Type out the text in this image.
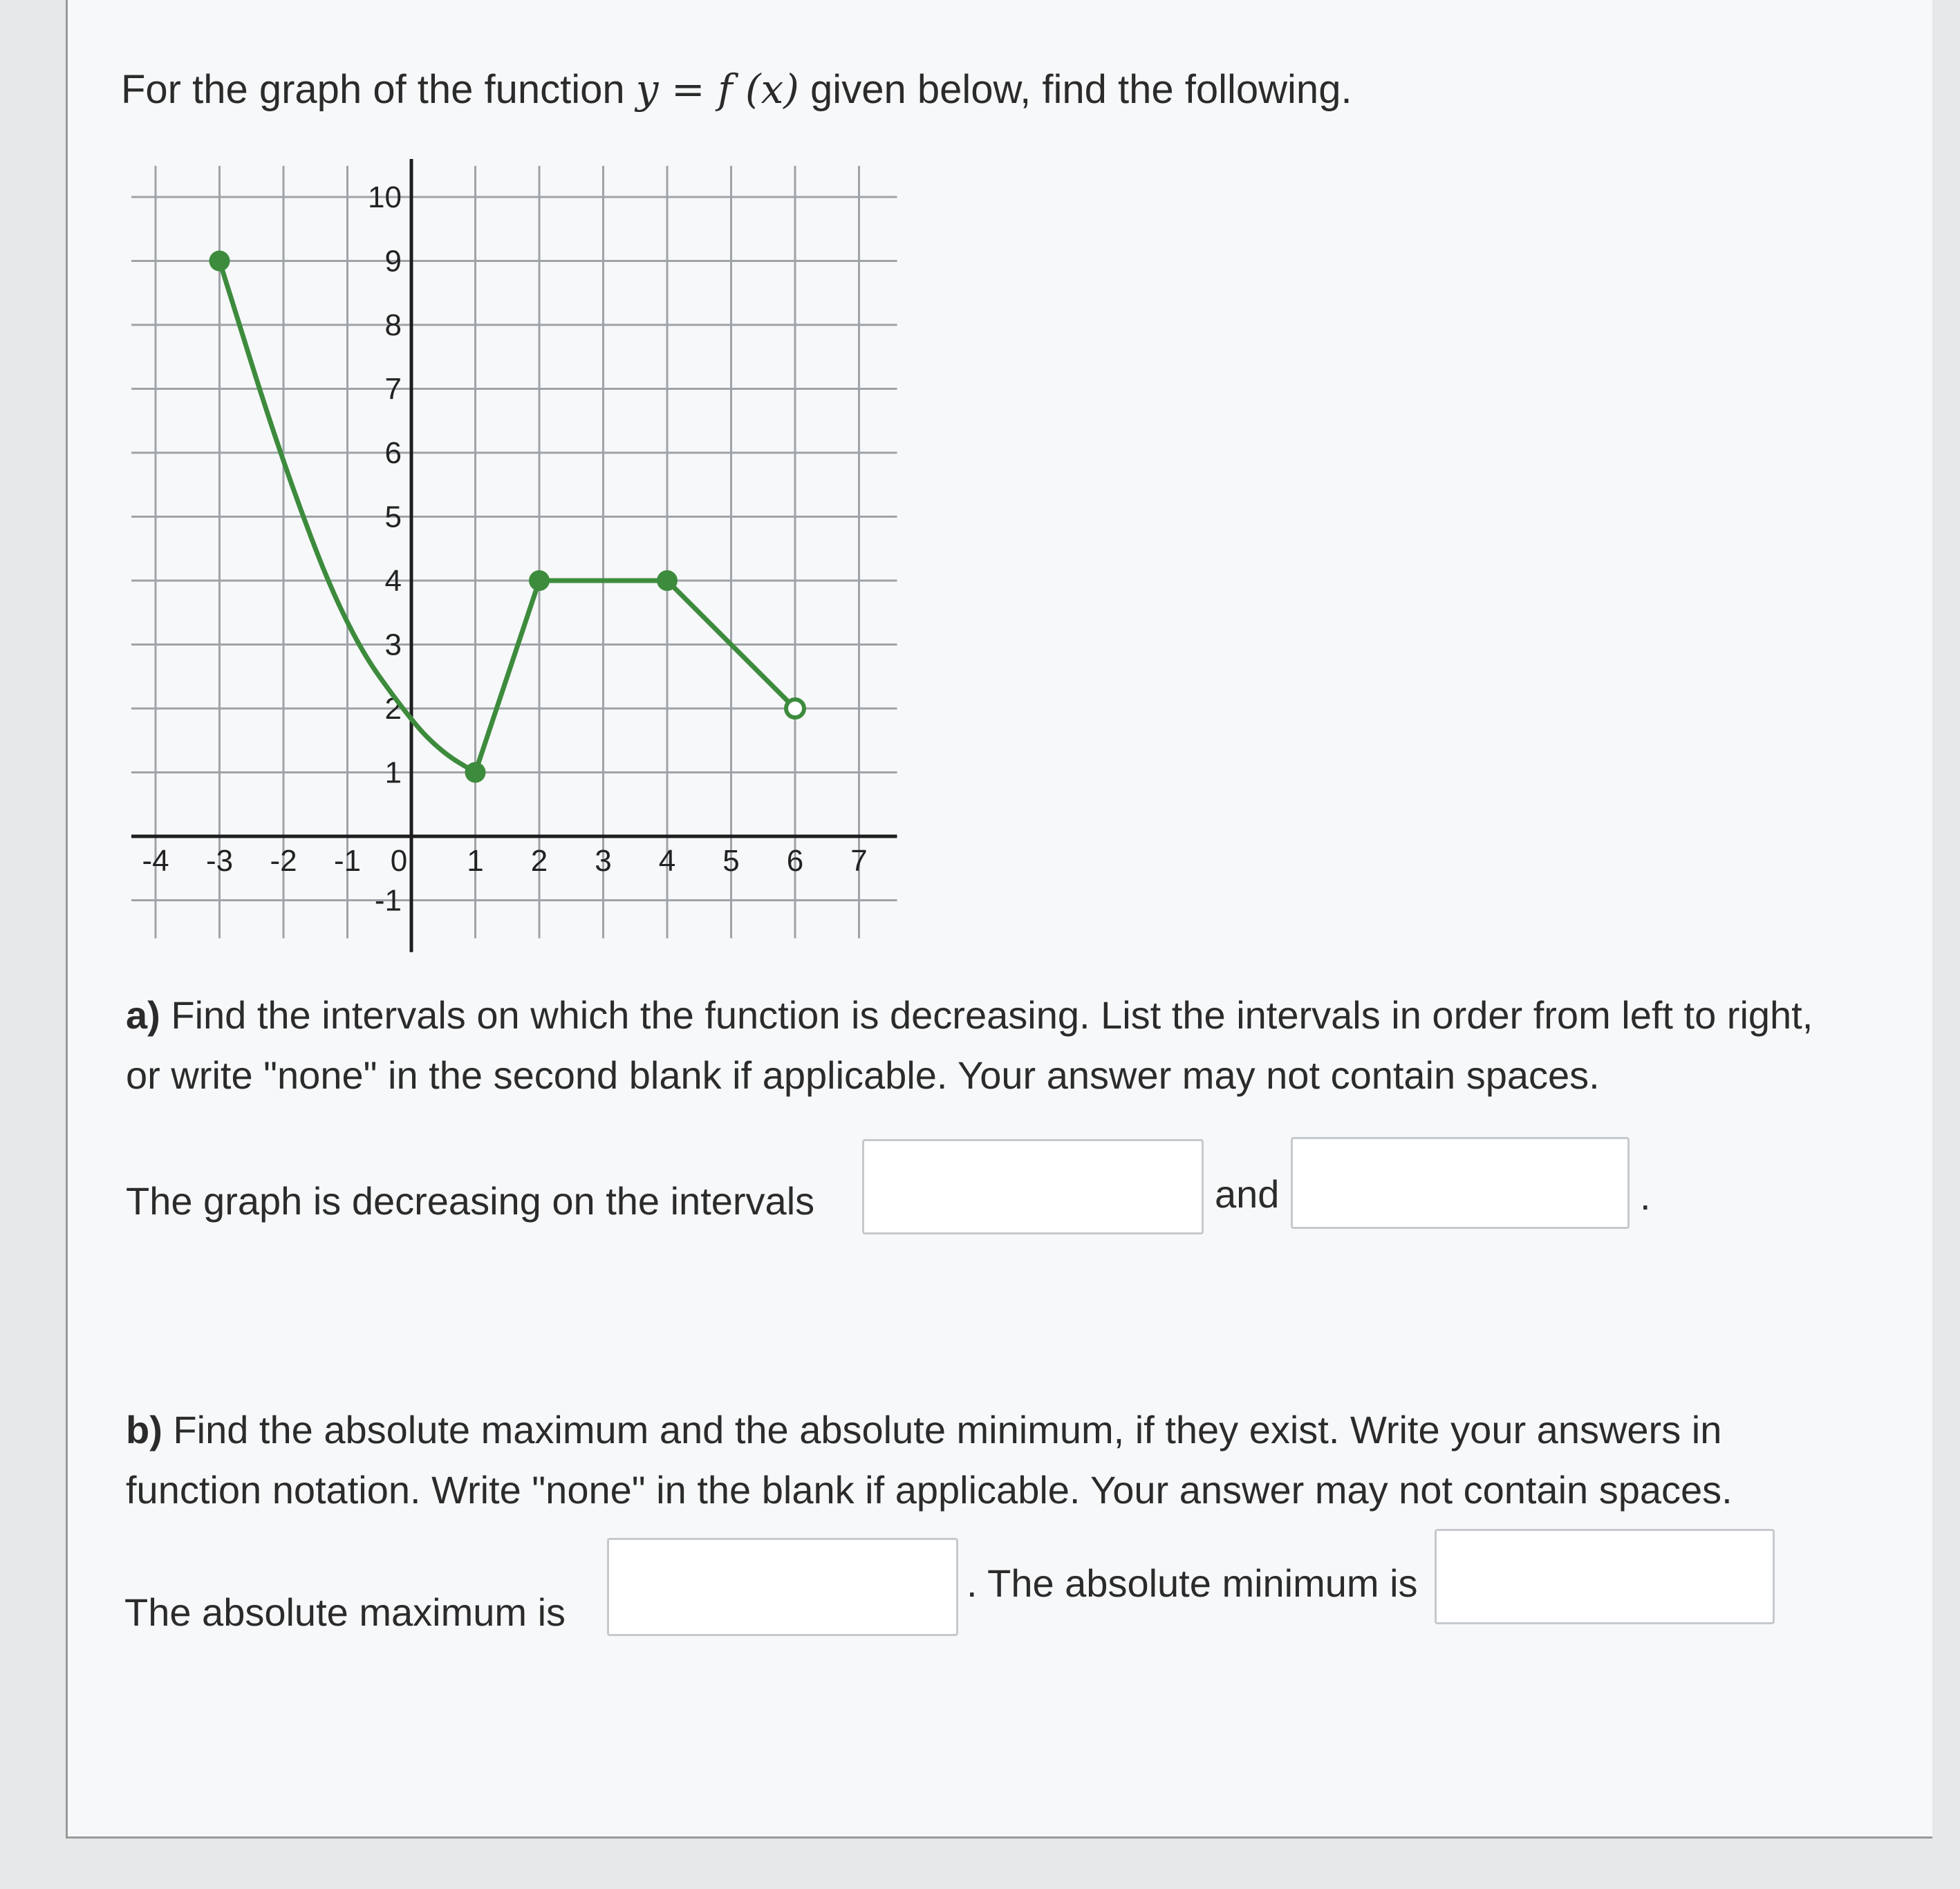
For the graph of the function y = f (x) given below, find the following.
-4 -3 -2 -1 0 1 2 3 4 5 6 7
-1
1
2
3
4
5
6
7
8
9
10
a) Find the intervals on which the function is decreasing. List the intervals in order from left to right, or write "none" in the second blank if applicable. Your answer may not contain spaces.
The graph is decreasing on the intervals	and	.
b) Find the absolute maximum and the absolute minimum, if they exist. Write your answers in function notation. Write "none" in the blank if applicable. Your answer may not contain spaces.
The absolute maximum is
. The absolute minimum is
